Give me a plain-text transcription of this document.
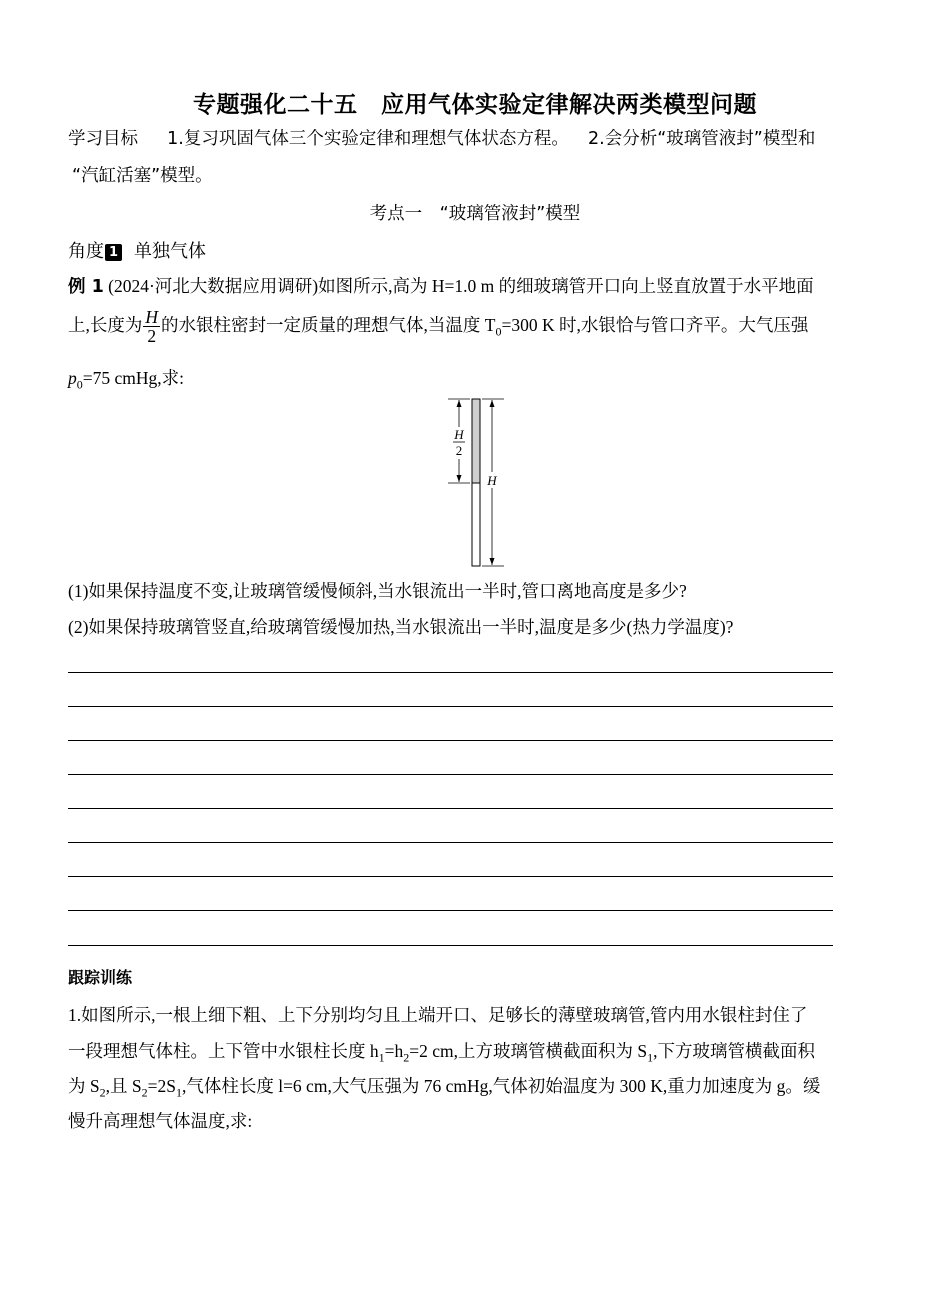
专题强化二十五　应用气体实验定律解决两类模型问题
学习目标 1.复习巩固气体三个实验定律和理想气体状态方程。 2.会分析“玻璃管液封”模型和
“汽缸活塞”模型。
考点一　“玻璃管液封”模型
角度 1 单独气体
例 1 (2024·河北大数据应用调研)如图所示,高为 H=1.0 m 的细玻璃管开口向上竖直放置于水平地面
上,长度为 $\frac{H}{2}$ 的水银柱密封一定质量的理想气体,当温度 $T_0=300$ K 时,水银恰与管口齐平。大气压强
$p_0=75$ cmHg,求:
H
2
H
(1)如果保持温度不变,让玻璃管缓慢倾斜,当水银流出一半时,管口离地高度是多少?
(2)如果保持玻璃管竖直,给玻璃管缓慢加热,当水银流出一半时,温度是多少(热力学温度)?
跟踪训练
1.如图所示,一根上细下粗、上下分别均匀且上端开口、足够长的薄壁玻璃管,管内用水银柱封住了
一段理想气体柱。上下管中水银柱长度 $h_1=h_2=2$ cm,上方玻璃管横截面积为 $S_1$,下方玻璃管横截面积
为 $S_2$,且 $S_2=2S_1$,气体柱长度 l=6 cm,大气压强为 76 cmHg,气体初始温度为 300 K,重力加速度为 g。缓
慢升高理想气体温度,求:
